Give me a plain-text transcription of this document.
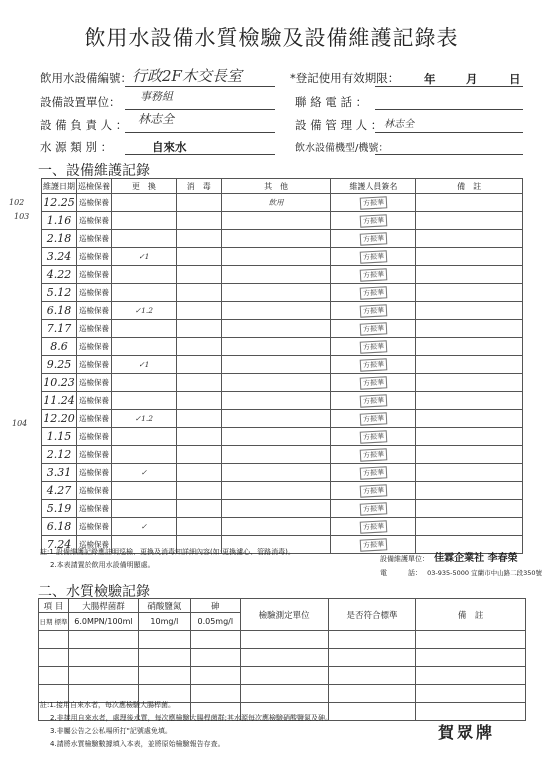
飲用水設備水質檢驗及設備維護記錄表
飲用水設備編號： 行政2F木交長室	*登記使用有效期限： 年	月	日
設備設置單位： 事務組	聯 絡 電 話 ：
設 備 負 責 人 ： 林志全	設 備 管 理 人 ： 林志全
水 源 類 別 ：	自來水	飲水設備機型/機號：
一、設備維護記錄
102
103
104
維護日期	巡檢保養	更　換	消　毒	其　他	維護人員簽名	備　註
12.25	巡檢保養			飲用	方振華	
1.16	巡檢保養				方振華	
2.18	巡檢保養				方振華	
3.24	巡檢保養	✓1			方振華	
4.22	巡檢保養				方振華	
5.12	巡檢保養				方振華	
6.18	巡檢保養	✓1.2			方振華	
7.17	巡檢保養				方振華	
8.6	巡檢保養				方振華	
9.25	巡檢保養	✓1			方振華	
10.23	巡檢保養				方振華	
11.24	巡檢保養				方振華	
12.20	巡檢保養	✓1.2			方振華	
1.15	巡檢保養				方振華	
2.12	巡檢保養				方振華	
3.31	巡檢保養	✓			方振華	
4.27	巡檢保養				方振華	
5.19	巡檢保養				方振華	
6.18	巡檢保養	✓			方振華	
7.24	巡檢保養				方振華	
註:1.設備維護記錄應註明巡檢、更換及消毒知詳細內容(如:更換濾心、管路消毒)。
2.本表請置於飲用水設備明顯處。
設備維護單位： 佳霖企業社 李春榮
電　　　話： 03-935-5000 宜蘭市中山路二段350號
二、水質檢驗記錄
項 目	大腸桿菌群	硝酸鹽氮	砷	檢驗測定單位	是否符合標準	備　註
日期 標準	6.0MPN/100ml	10mg/l	0.05mg/l			

註:1.接用自來水者，每次應檢驗大腸桿菌。
2.非接用自來水者，處理後水質，每次應檢驗大腸桿菌群;其水源每次應檢驗硝酸鹽氮及砷。
3.非屬公告之公私場所打"記號處免填。
4.請將水質檢驗數據填入本表，並將原始檢驗報告存查。
賀眾牌
